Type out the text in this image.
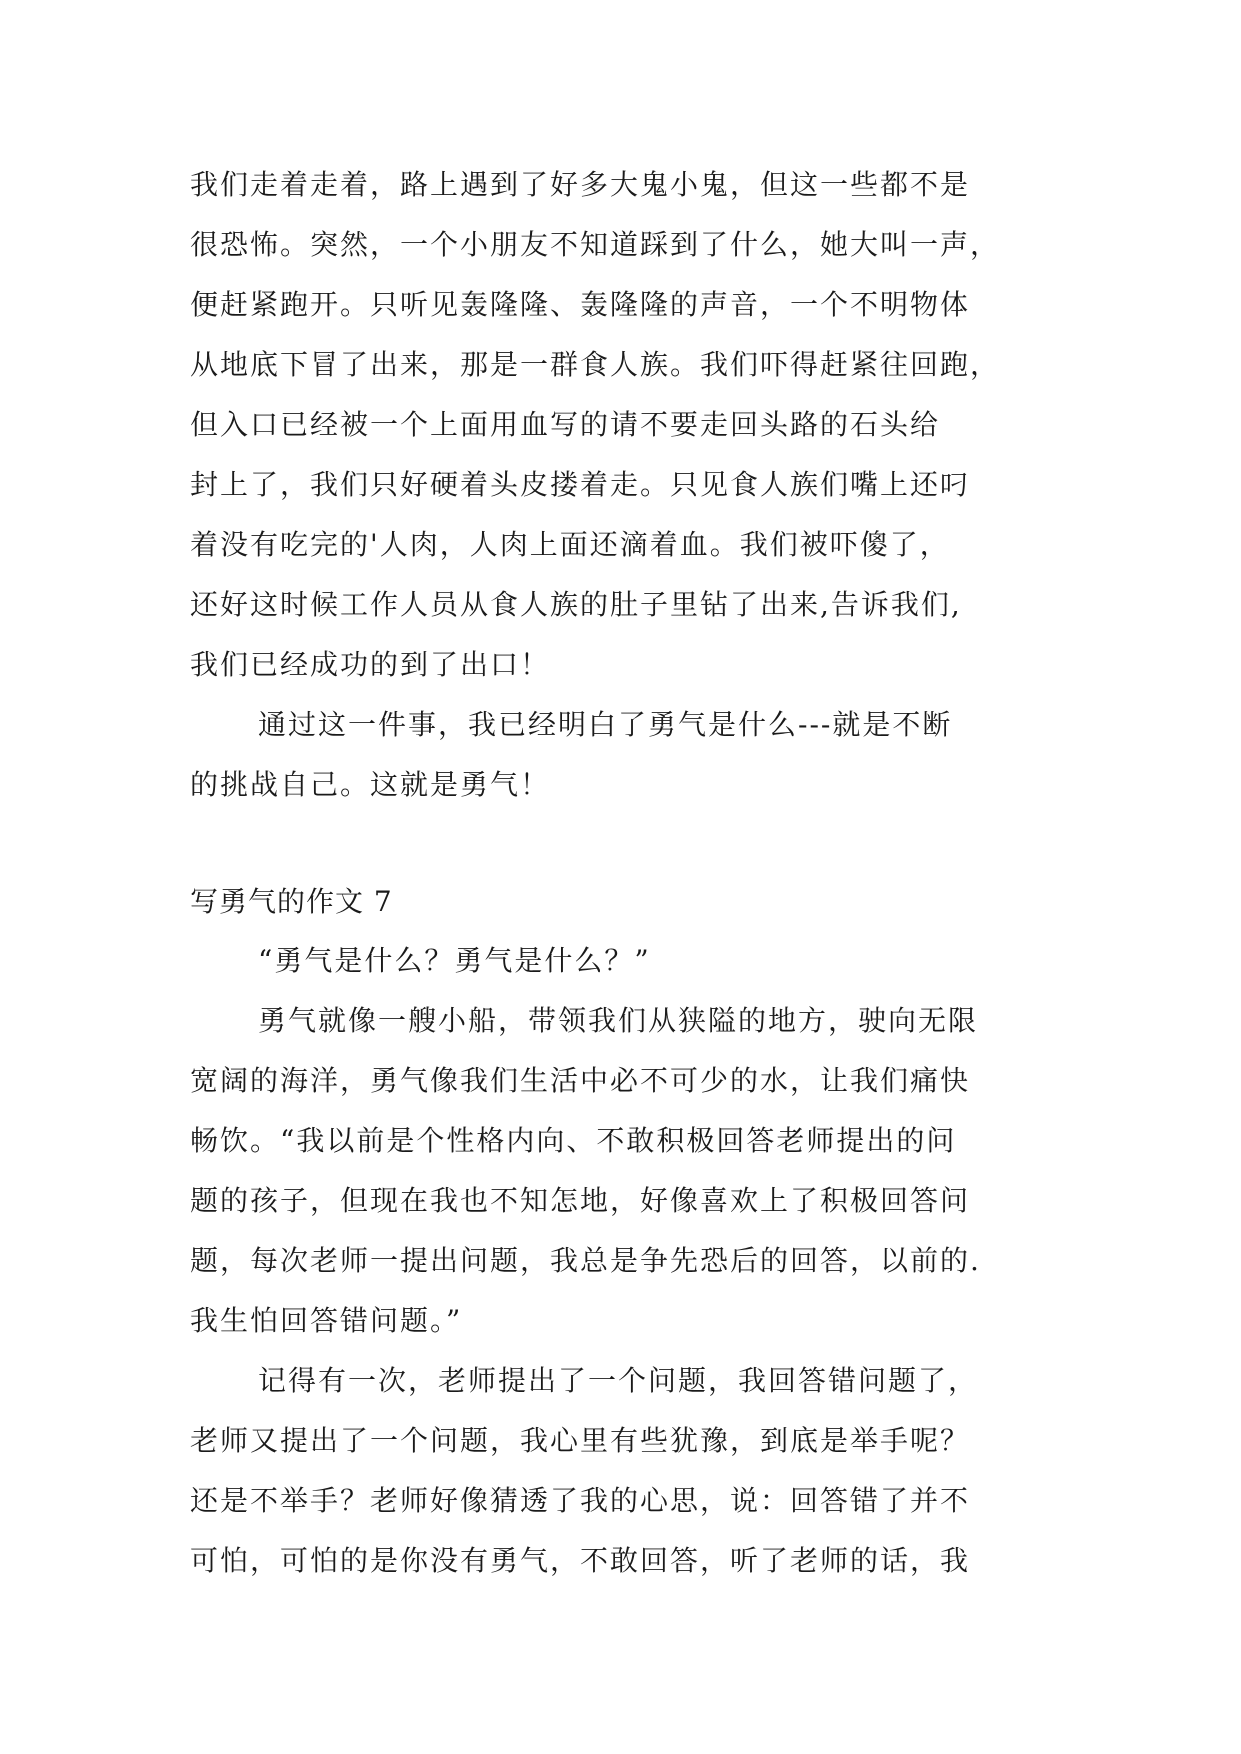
我们走着走着，路上遇到了好多大鬼小鬼，但这一些都不是
很恐怖。突然，一个小朋友不知道踩到了什么，她大叫一声，
便赶紧跑开。只听见轰隆隆、轰隆隆的声音，一个不明物体
从地底下冒了出来，那是一群食人族。我们吓得赶紧往回跑，
但入口已经被一个上面用血写的请不要走回头路的石头给
封上了，我们只好硬着头皮搂着走。只见食人族们嘴上还叼
着没有吃完的'人肉，人肉上面还滴着血。我们被吓傻了，
还好这时候工作人员从食人族的肚子里钻了出来,告诉我们,
我们已经成功的到了出口！
通过这一件事，我已经明白了勇气是什么---就是不断
的挑战自己。这就是勇气！
写勇气的作文 7
“勇气是什么？勇气是什么？”
勇气就像一艘小船，带领我们从狭隘的地方，驶向无限
宽阔的海洋，勇气像我们生活中必不可少的水，让我们痛快
畅饮。“我以前是个性格内向、不敢积极回答老师提出的问
题的孩子，但现在我也不知怎地，好像喜欢上了积极回答问
题，每次老师一提出问题，我总是争先恐后的回答，以前的.
我生怕回答错问题。”
记得有一次，老师提出了一个问题，我回答错问题了，
老师又提出了一个问题，我心里有些犹豫，到底是举手呢？
还是不举手？老师好像猜透了我的心思，说：回答错了并不
可怕，可怕的是你没有勇气，不敢回答，听了老师的话，我
